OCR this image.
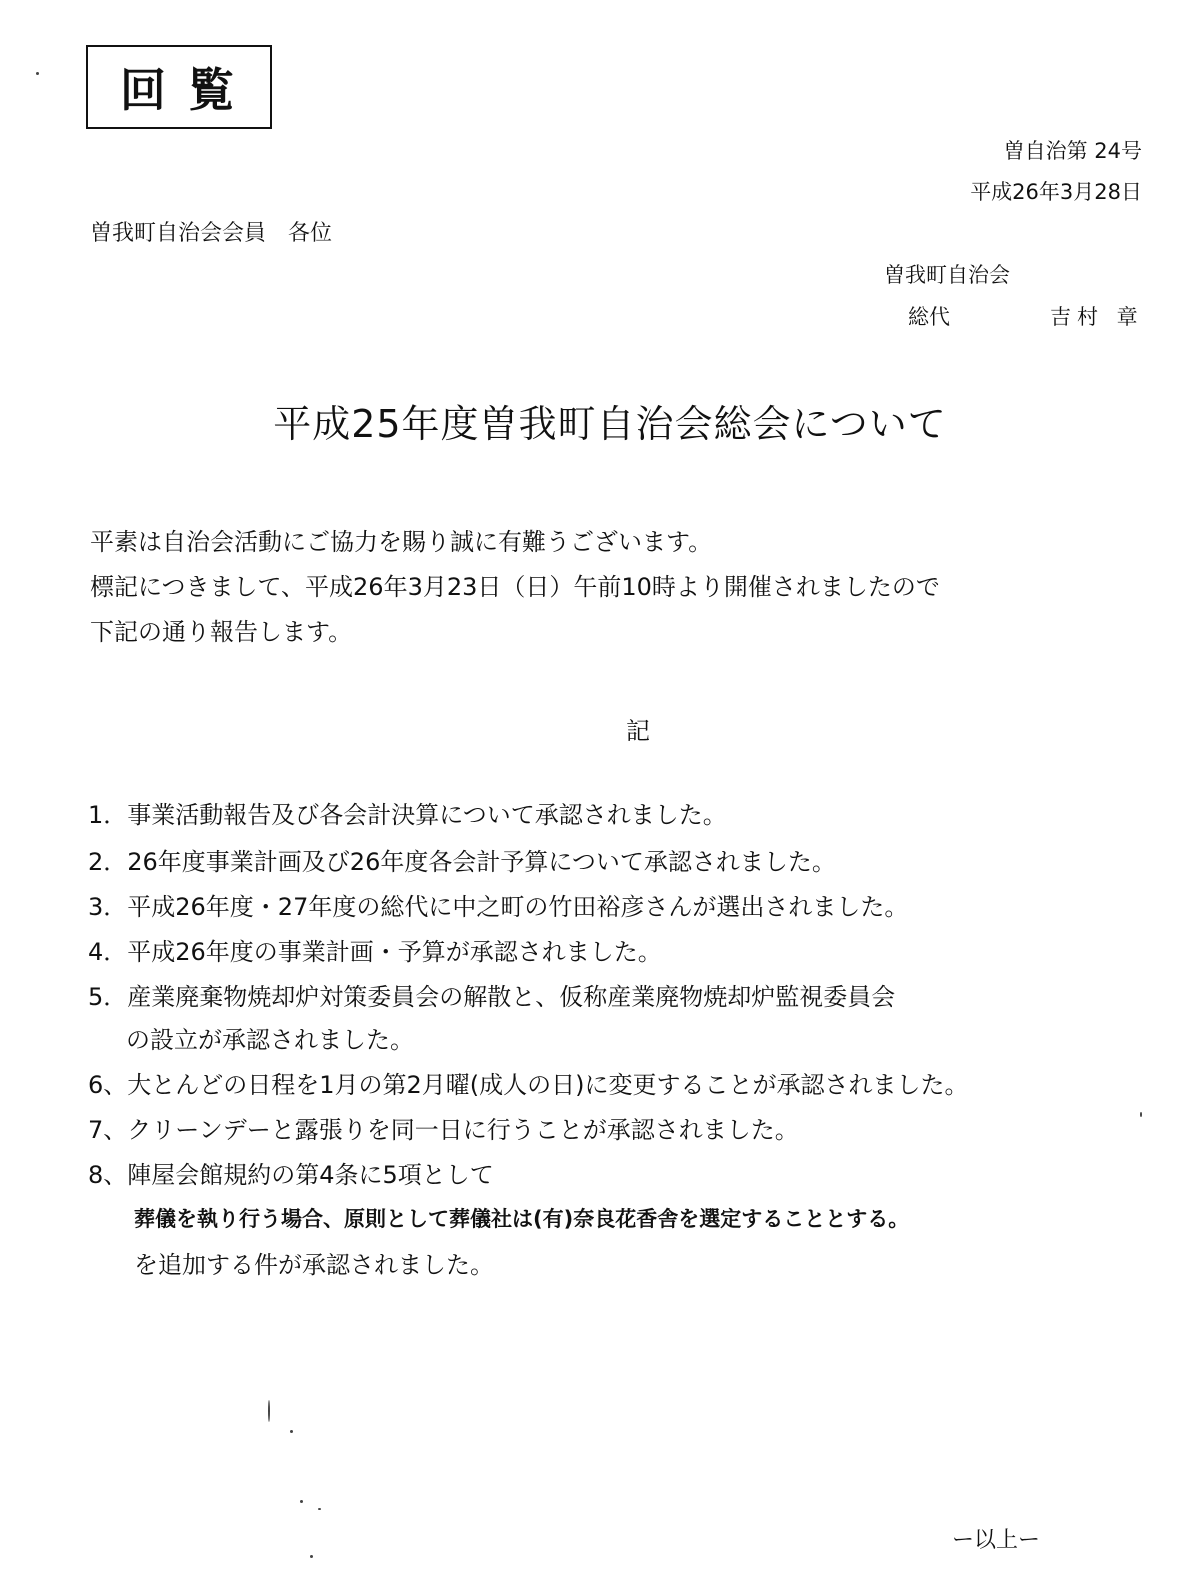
回覧
曽自治第 24号
平成26年3月28日
曽我町自治会会員　各位
曽我町自治会
総代	吉村 章
平成25年度曽我町自治会総会について
平素は自治会活動にご協力を賜り誠に有難うございます。
標記につきまして、平成26年3月23日（日）午前10時より開催されましたので
下記の通り報告します。
記
1．事業活動報告及び各会計決算について承認されました。
2．26年度事業計画及び26年度各会計予算について承認されました。
3．平成26年度・27年度の総代に中之町の竹田裕彦さんが選出されました。
4．平成26年度の事業計画・予算が承認されました。
5．産業廃棄物焼却炉対策委員会の解散と、仮称産業廃物焼却炉監視委員会
の設立が承認されました。
6、大とんどの日程を1月の第2月曜(成人の日)に変更することが承認されました。
7、クリーンデーと露張りを同一日に行うことが承認されました。
8、陣屋会館規約の第4条に5項として
葬儀を執り行う場合、原則として葬儀社は(有)奈良花香舎を選定することとする。
を追加する件が承認されました。
ー以上ー
